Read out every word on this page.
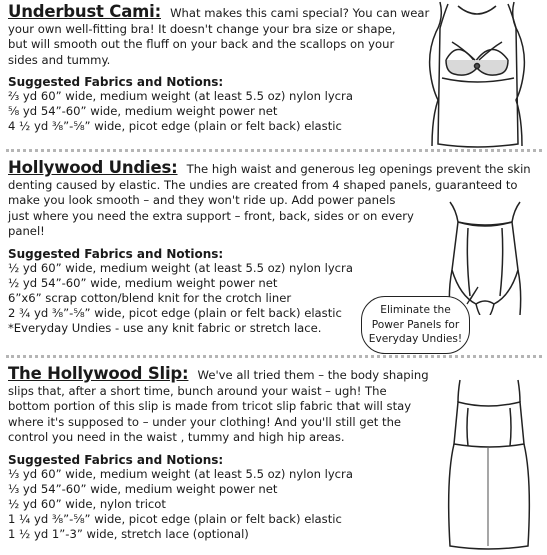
Underbust Cami: What makes this cami special? You can wear
your own well-fitting bra! It doesn't change your bra size or shape,
but will smooth out the fluff on your back and the scallops on your
sides and tummy.
Suggested Fabrics and Notions:
⅔ yd 60” wide, medium weight (at least 5.5 oz) nylon lycra
⅝ yd 54”-60” wide, medium weight power net
4 ½ yd ⅜”-⅝” wide, picot edge (plain or felt back) elastic
Hollywood Undies: The high waist and generous leg openings prevent the skin
denting caused by elastic. The undies are created from 4 shaped panels, guaranteed to
make you look smooth – and they won't ride up. Add power panels
just where you need the extra support – front, back, sides or on every
panel!
Suggested Fabrics and Notions:
½ yd 60” wide, medium weight (at least 5.5 oz) nylon lycra
½ yd 54”-60” wide, medium weight power net
6”x6” scrap cotton/blend knit for the crotch liner
2 ¾ yd ⅜”-⅝” wide, picot edge (plain or felt back) elastic
*Everyday Undies - use any knit fabric or stretch lace.
Eliminate the
Power Panels for
Everyday Undies!
The Hollywood Slip: We've all tried them – the body shaping
slips that, after a short time, bunch around your waist – ugh! The
bottom portion of this slip is made from tricot slip fabric that will stay
where it's supposed to – under your clothing! And you'll still get the
control you need in the waist , tummy and high hip areas.
Suggested Fabrics and Notions:
⅓ yd 60” wide, medium weight (at least 5.5 oz) nylon lycra
⅓ yd 54”-60” wide, medium weight power net
½ yd 60” wide, nylon tricot
1 ¼ yd ⅜”-⅝” wide, picot edge (plain or felt back) elastic
1 ½ yd 1”-3” wide, stretch lace (optional)
